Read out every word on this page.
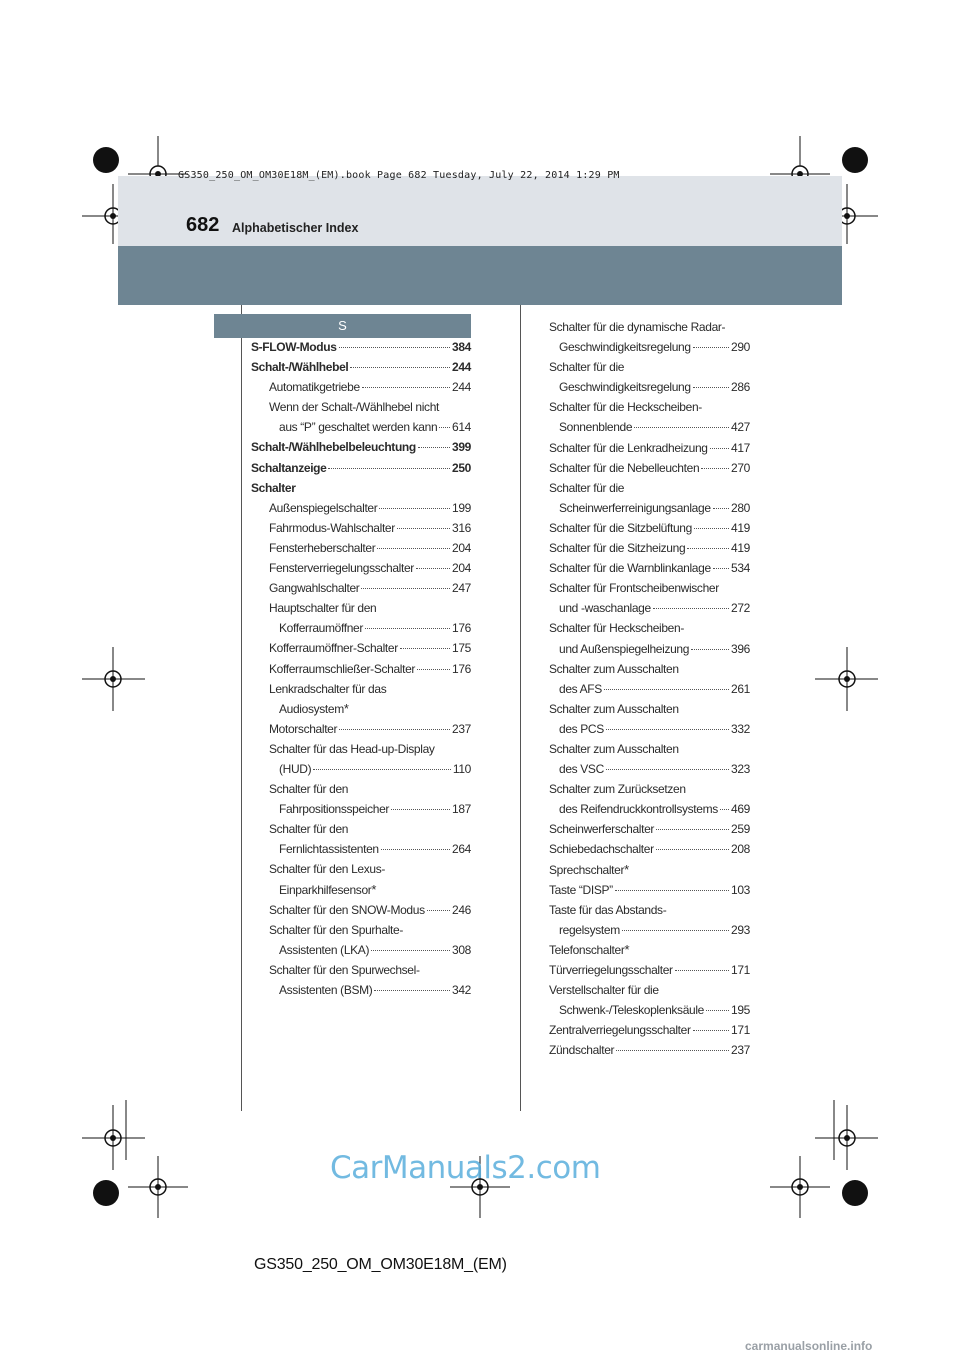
GS350_250_OM_OM30E18M_(EM).book Page 682 Tuesday, July 22, 2014 1:29 PM
682 Alphabetischer Index
S
S-FLOW-Modus	384
Schalt-/Wählhebel	244
Automatikgetriebe	244
Wenn der Schalt-/Wählhebel nicht
aus “P” geschaltet werden kann 614
Schalt-/Wählhebelbeleuchtung	399
Schaltanzeige	250
Schalter
Außenspiegelschalter	199
Fahrmodus-Wahlschalter	316
Fensterheberschalter	204
Fensterverriegelungsschalter	204
Gangwahlschalter	247
Hauptschalter für den
Kofferraumöffner	176
Kofferraumöffner-Schalter	175
Kofferraumschließer-Schalter	176
Lenkradschalter für das
Audiosystem *
Motorschalter	237
Schalter für das Head-up-Display
(HUD)	110
Schalter für den
Fahrpositionsspeicher	187
Schalter für den
Fernlichtassistenten	264
Schalter für den Lexus-
Einparkhilfesensor *
Schalter für den SNOW-Modus 246
Schalter für den Spurhalte-
Assistenten (LKA)	308
Schalter für den Spurwechsel-
Assistenten (BSM)	342
Schalter für die dynamische Radar-
Geschwindigkeitsregelung	290
Schalter für die
Geschwindigkeitsregelung	286
Schalter für die Heckscheiben-
Sonnenblende	427
Schalter für die Lenkradheizung 417
Schalter für die Nebelleuchten	270
Schalter für die
Scheinwerferreinigungsanlage 280
Schalter für die Sitzbelüftung	419
Schalter für die Sitzheizung	419
Schalter für die Warnblinkanlage 534
Schalter für Frontscheibenwischer
und -waschanlage	272
Schalter für Heckscheiben-
und Außenspiegelheizung	396
Schalter zum Ausschalten
des AFS	261
Schalter zum Ausschalten
des PCS	332
Schalter zum Ausschalten
des VSC	323
Schalter zum Zurücksetzen
des Reifendruckkontrollsystems 469
Scheinwerferschalter	259
Schiebedachschalter	208
Sprechschalter *
Taste “DISP”	103
Taste für das Abstands-
regelsystem	293
Telefonschalter *
Türverriegelungsschalter	171
Verstellschalter für die
Schwenk-/Teleskoplenksäule 195
Zentralverriegelungsschalter	171
Zündschalter	237
CarManuals2.com
carmanualsonline.info
GS350_250_OM_OM30E18M_(EM)
